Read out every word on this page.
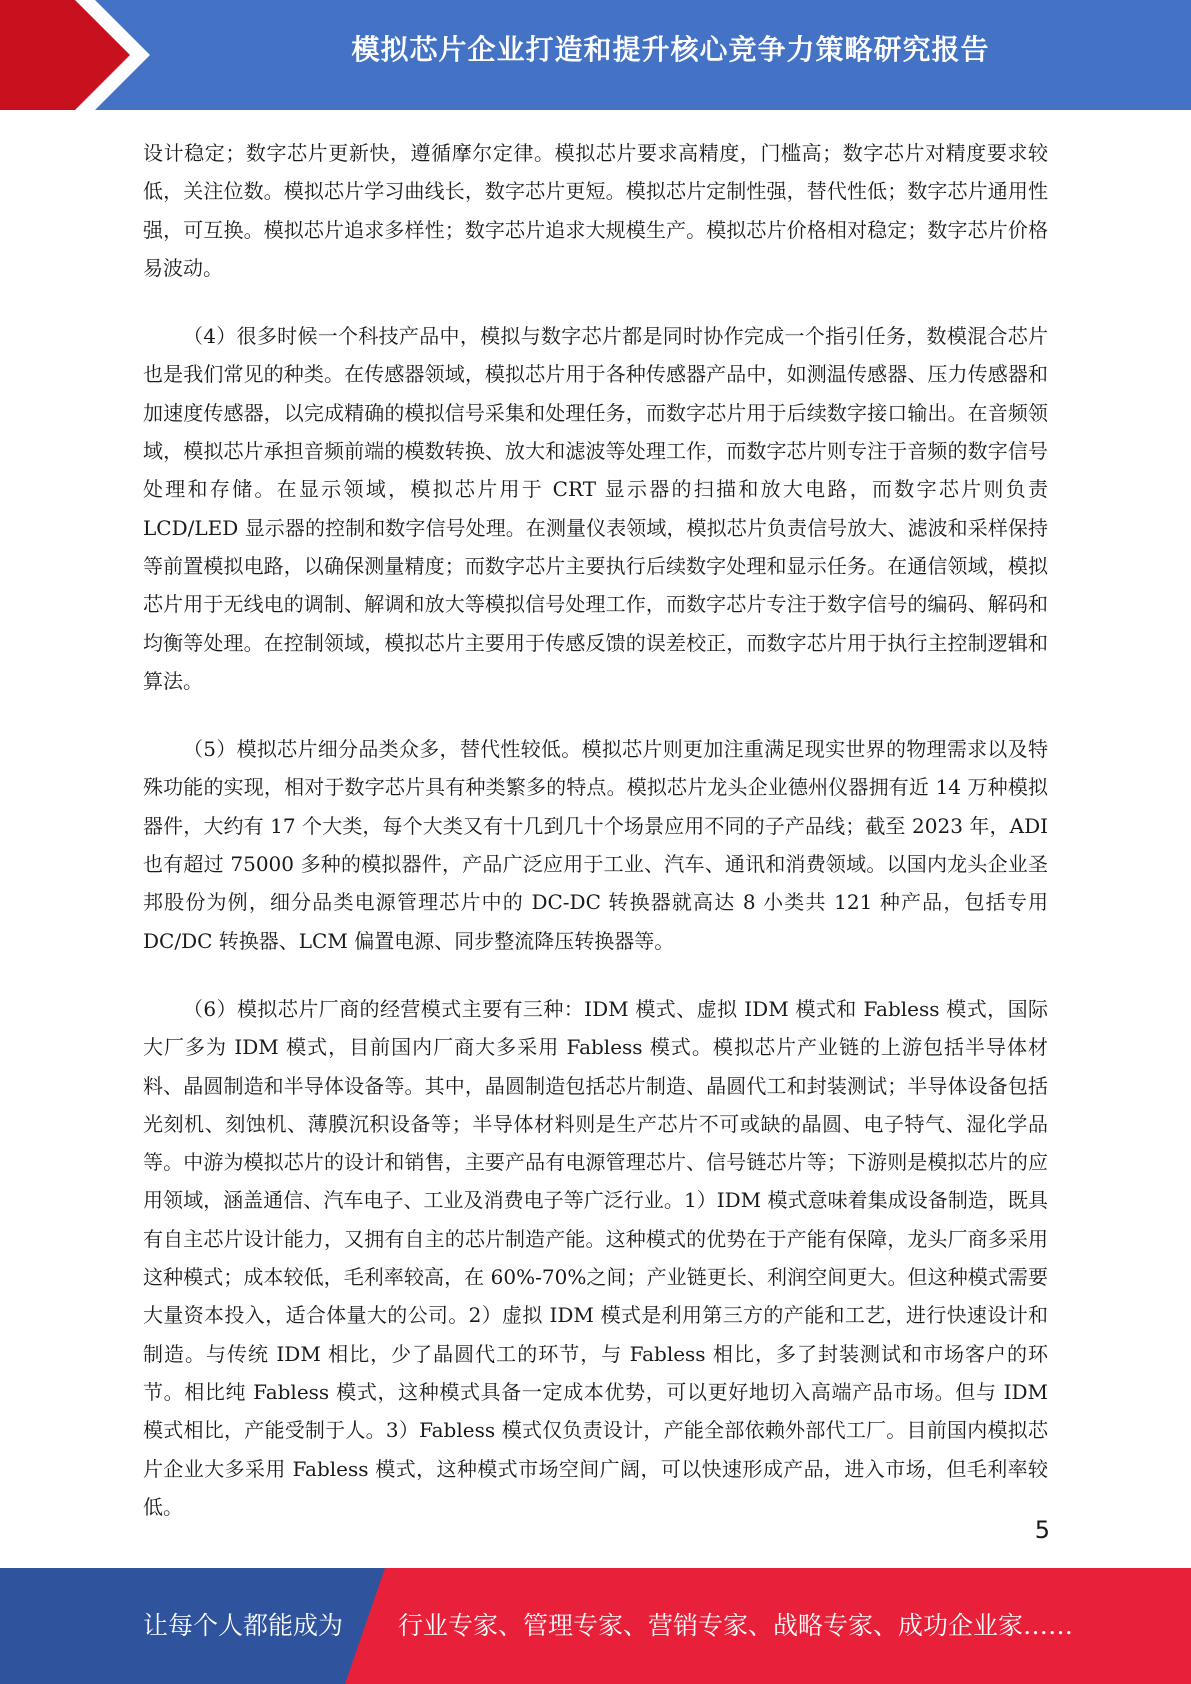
模拟芯片企业打造和提升核心竞争力策略研究报告

设计稳定；数字芯片更新快，遵循摩尔定律。模拟芯片要求高精度，门槛高；数字芯片对精度要求较低，关注位数。模拟芯片学习曲线长，数字芯片更短。模拟芯片定制性强，替代性低；数字芯片通用性强，可互换。模拟芯片追求多样性；数字芯片追求大规模生产。模拟芯片价格相对稳定；数字芯片价格易波动。

（4）很多时候一个科技产品中，模拟与数字芯片都是同时协作完成一个指引任务，数模混合芯片也是我们常见的种类。在传感器领域，模拟芯片用于各种传感器产品中，如测温传感器、压力传感器和加速度传感器，以完成精确的模拟信号采集和处理任务，而数字芯片用于后续数字接口输出。在音频领域，模拟芯片承担音频前端的模数转换、放大和滤波等处理工作，而数字芯片则专注于音频的数字信号处理和存储。在显示领域，模拟芯片用于 CRT 显示器的扫描和放大电路，而数字芯片则负责 LCD/LED 显示器的控制和数字信号处理。在测量仪表领域，模拟芯片负责信号放大、滤波和采样保持等前置模拟电路，以确保测量精度；而数字芯片主要执行后续数字处理和显示任务。在通信领域，模拟芯片用于无线电的调制、解调和放大等模拟信号处理工作，而数字芯片专注于数字信号的编码、解码和均衡等处理。在控制领域，模拟芯片主要用于传感反馈的误差校正，而数字芯片用于执行主控制逻辑和算法。

（5）模拟芯片细分品类众多，替代性较低。模拟芯片则更加注重满足现实世界的物理需求以及特殊功能的实现，相对于数字芯片具有种类繁多的特点。模拟芯片龙头企业德州仪器拥有近 14 万种模拟器件，大约有 17 个大类，每个大类又有十几到几十个场景应用不同的子产品线；截至 2023 年，ADI 也有超过 75000 多种的模拟器件，产品广泛应用于工业、汽车、通讯和消费领域。以国内龙头企业圣邦股份为例，细分品类电源管理芯片中的 DC-DC 转换器就高达 8 小类共 121 种产品，包括专用 DC/DC 转换器、LCM 偏置电源、同步整流降压转换器等。

（6）模拟芯片厂商的经营模式主要有三种：IDM 模式、虚拟 IDM 模式和 Fabless 模式，国际大厂多为 IDM 模式，目前国内厂商大多采用 Fabless 模式。模拟芯片产业链的上游包括半导体材料、晶圆制造和半导体设备等。其中，晶圆制造包括芯片制造、晶圆代工和封装测试；半导体设备包括光刻机、刻蚀机、薄膜沉积设备等；半导体材料则是生产芯片不可或缺的晶圆、电子特气、湿化学品等。中游为模拟芯片的设计和销售，主要产品有电源管理芯片、信号链芯片等；下游则是模拟芯片的应用领域，涵盖通信、汽车电子、工业及消费电子等广泛行业。1）IDM 模式意味着集成设备制造，既具有自主芯片设计能力，又拥有自主的芯片制造产能。这种模式的优势在于产能有保障，龙头厂商多采用这种模式；成本较低，毛利率较高，在 60%-70%之间；产业链更长、利润空间更大。但这种模式需要大量资本投入，适合体量大的公司。2）虚拟 IDM 模式是利用第三方的产能和工艺，进行快速设计和制造。与传统 IDM 相比，少了晶圆代工的环节，与 Fabless 相比，多了封装测试和市场客户的环节。相比纯 Fabless 模式，这种模式具备一定成本优势，可以更好地切入高端产品市场。但与 IDM 模式相比，产能受制于人。3）Fabless 模式仅负责设计，产能全部依赖外部代工厂。目前国内模拟芯片企业大多采用 Fabless 模式，这种模式市场空间广阔，可以快速形成产品，进入市场，但毛利率较低。

5
让每个人都能成为 行业专家、管理专家、营销专家、战略专家、成功企业家……
